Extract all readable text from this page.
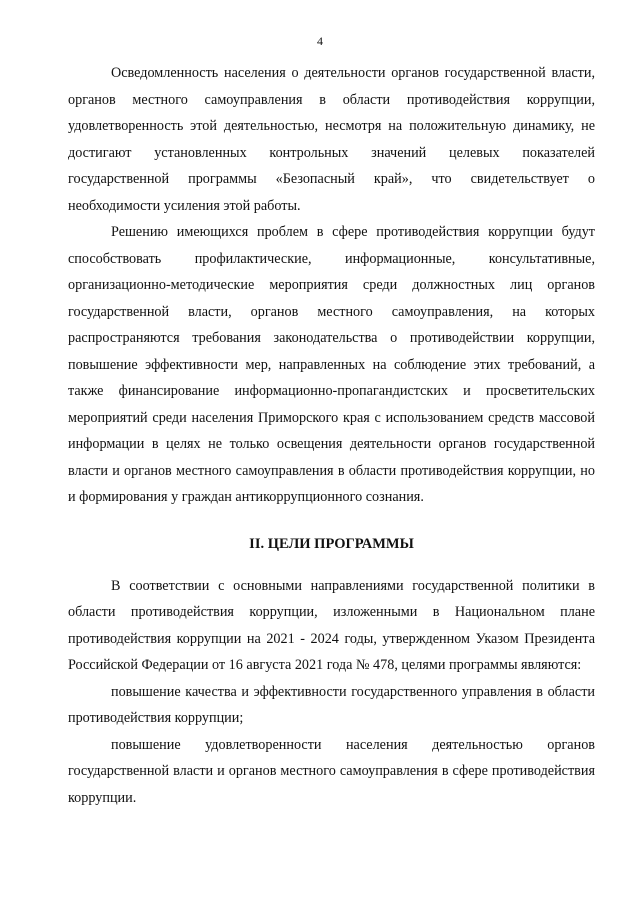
4

Осведомленность населения о деятельности органов государственной власти, органов местного самоуправления в области противодействия коррупции, удовлетворенность этой деятельностью, несмотря на положительную динамику, не достигают установленных контрольных значений целевых показателей государственной программы «Безопасный край», что свидетельствует о необходимости усиления этой работы.

Решению имеющихся проблем в сфере противодействия коррупции будут способствовать профилактические, информационные, консультативные, организационно-методические мероприятия среди должностных лиц органов государственной власти, органов местного самоуправления, на которых распространяются требования законодательства о противодействии коррупции, повышение эффективности мер, направленных на соблюдение этих требований, а также финансирование информационно-пропагандистских и просветительских мероприятий среди населения Приморского края с использованием средств массовой информации в целях не только освещения деятельности органов государственной власти и органов местного самоуправления в области противодействия коррупции, но и формирования у граждан антикоррупционного сознания.

II. ЦЕЛИ ПРОГРАММЫ

В соответствии с основными направлениями государственной политики в области противодействия коррупции, изложенными в Национальном плане противодействия коррупции на 2021 - 2024 годы, утвержденном Указом Президента Российской Федерации от 16 августа 2021 года № 478, целями программы являются:

повышение качества и эффективности государственного управления в области противодействия коррупции;

повышение удовлетворенности населения деятельностью органов государственной власти и органов местного самоуправления в сфере противодействия коррупции.
